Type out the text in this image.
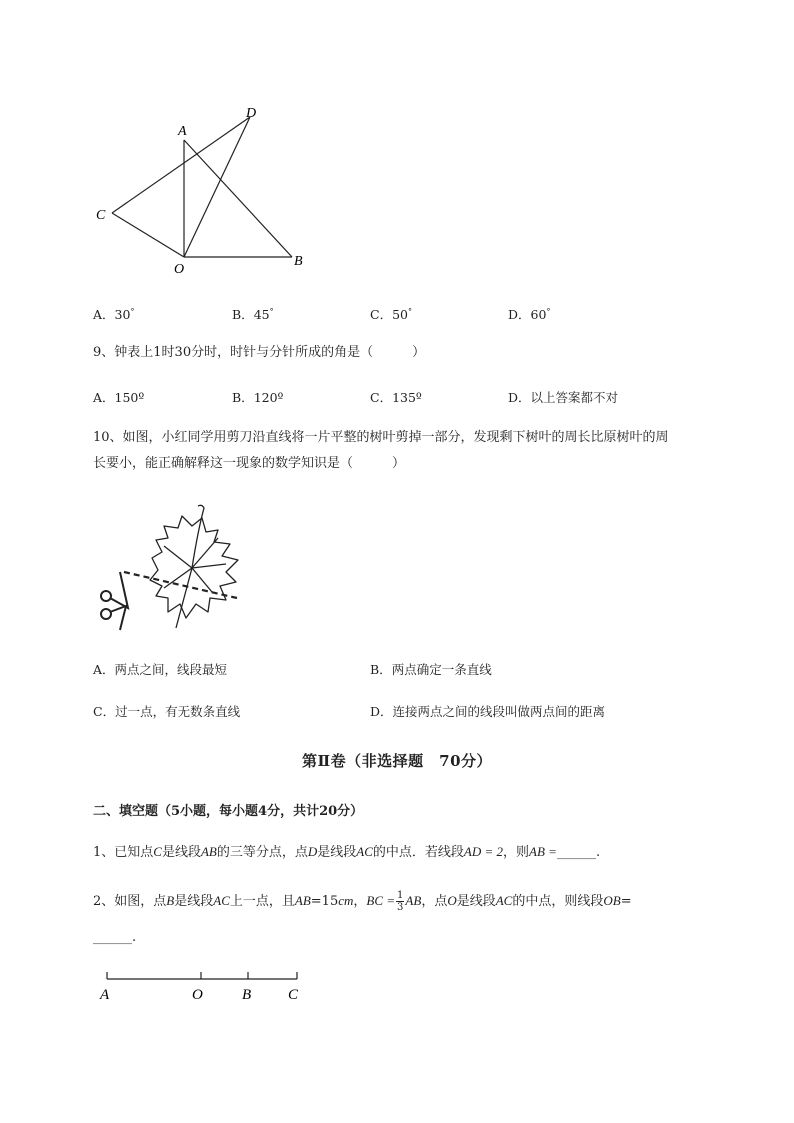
A
D
C
O
B
A．30°	B．45°	C．50°	D．60°
9、钟表上1时30分时，时针与分针所成的角是（　　　）
A．150º	B．120º	C．135º	D．以上答案都不对
10、如图，小红同学用剪刀沿直线将一片平整的树叶剪掉一部分，发现剩下树叶的周长比原树叶的周
长要小，能正确解释这一现象的数学知识是（　　　）
A．两点之间，线段最短	B．两点确定一条直线
C．过一点，有无数条直线	D．连接两点之间的线段叫做两点间的距离
第Ⅱ卷（非选择题　70分）
二、填空题（5小题，每小题4分，共计20分）
1、已知点C是线段AB的三等分点，点D是线段AC的中点．若线段AD = 2，则AB =______.
2、如图，点B是线段AC上一点，且AB=15cm，BC = $\frac{1}{3}$ AB，点O是线段AC的中点，则线段OB=
______.
A	O	B C
